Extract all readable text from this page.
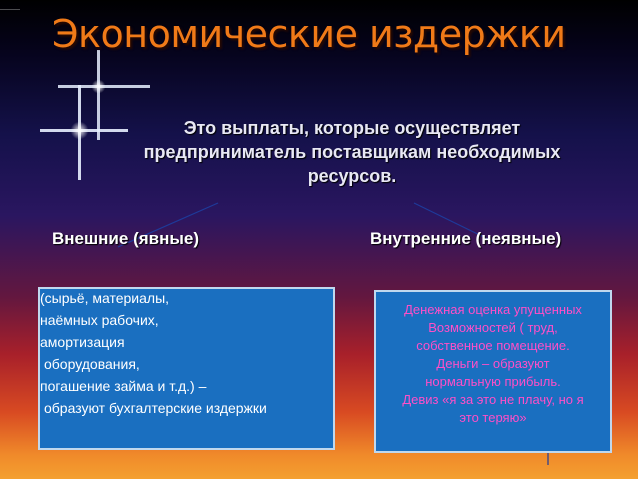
Экономические издержки
Это выплаты, которые осуществляет
предприниматель поставщикам необходимых
ресурсов.
Внешние (явные)	Внутренние (неявные)
(сырьё, материалы,
наёмных рабочих,
амортизация
оборудования,
погашение займа и т.д.) –
образуют бухгалтерские издержки
Денежная оценка упущенных
Возможностей ( труд,
собственное помещение.
Деньги – образуют
нормальную прибыль.
Девиз «я за это не плачу, но я
это теряю»
